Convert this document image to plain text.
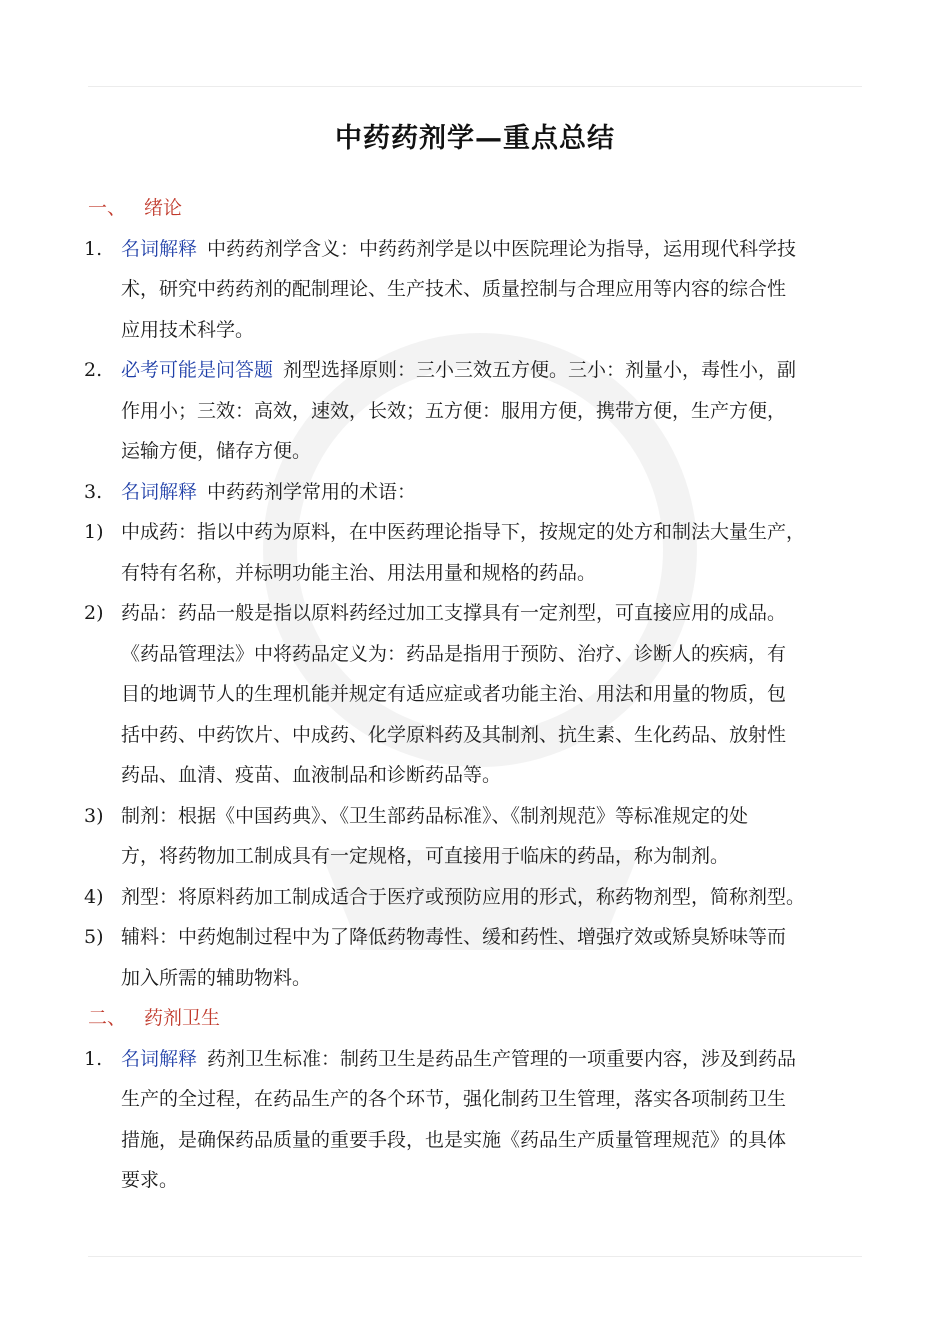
中药药剂学—重点总结
一、 绪论
1. 名词解释 中药药剂学含义：中药药剂学是以中医院理论为指导，运用现代科学技
术，研究中药药剂的配制理论、生产技术、质量控制与合理应用等内容的综合性
应用技术科学。
2. 必考可能是问答题 剂型选择原则：三小三效五方便。三小：剂量小，毒性小，副
作用小；三效：高效，速效，长效；五方便：服用方便，携带方便，生产方便，
运输方便，储存方便。
3. 名词解释 中药药剂学常用的术语：
1) 中成药：指以中药为原料，在中医药理论指导下，按规定的处方和制法大量生产，
有特有名称，并标明功能主治、用法用量和规格的药品。
2) 药品：药品一般是指以原料药经过加工支撑具有一定剂型，可直接应用的成品。
《药品管理法》中将药品定义为：药品是指用于预防、治疗、诊断人的疾病，有
目的地调节人的生理机能并规定有适应症或者功能主治、用法和用量的物质，包
括中药、中药饮片、中成药、化学原料药及其制剂、抗生素、生化药品、放射性
药品、血清、疫苗、血液制品和诊断药品等。
3) 制剂：根据《中国药典》、《卫生部药品标准》、《制剂规范》等标准规定的处
方，将药物加工制成具有一定规格，可直接用于临床的药品，称为制剂。
4) 剂型：将原料药加工制成适合于医疗或预防应用的形式，称药物剂型，简称剂型。
5) 辅料：中药炮制过程中为了降低药物毒性、缓和药性、增强疗效或矫臭矫味等而
加入所需的辅助物料。
二、 药剂卫生
1. 名词解释 药剂卫生标准：制药卫生是药品生产管理的一项重要内容，涉及到药品
生产的全过程，在药品生产的各个环节，强化制药卫生管理，落实各项制药卫生
措施，是确保药品质量的重要手段，也是实施《药品生产质量管理规范》的具体
要求。
